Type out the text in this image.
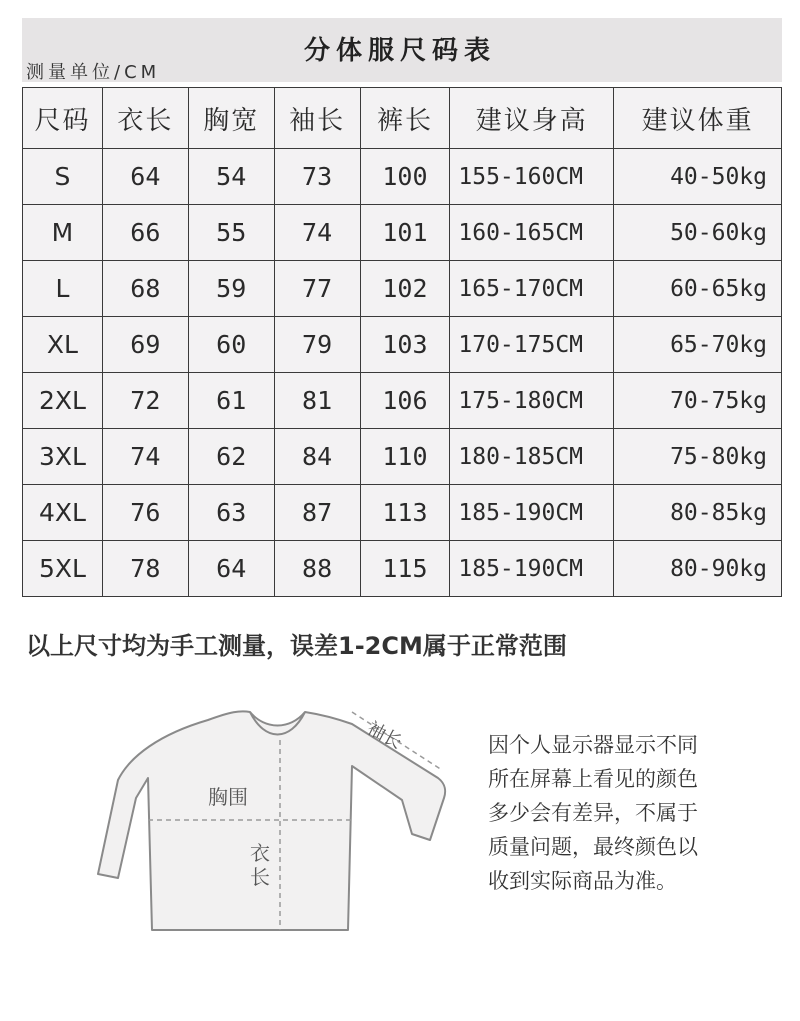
分体服尺码表
测量单位/CM
尺码	衣长	胸宽	袖长	裤长	建议身高	建议体重
S	64	54	73	100	155-160CM	40-50kg
M	66	55	74	101	160-165CM	50-60kg
L	68	59	77	102	165-170CM	60-65kg
XL	69	60	79	103	170-175CM	65-70kg
2XL	72	61	81	106	175-180CM	70-75kg
3XL	74	62	84	110	180-185CM	75-80kg
4XL	76	63	87	113	185-190CM	80-85kg
5XL	78	64	88	115	185-190CM	80-90kg
以上尺寸均为手工测量，误差1-2CM属于正常范围
胸围
衣
长
袖长	因个人显示器显示不同
所在屏幕上看见的颜色
多少会有差异，不属于
质量问题，最终颜色以
收到实际商品为准。
